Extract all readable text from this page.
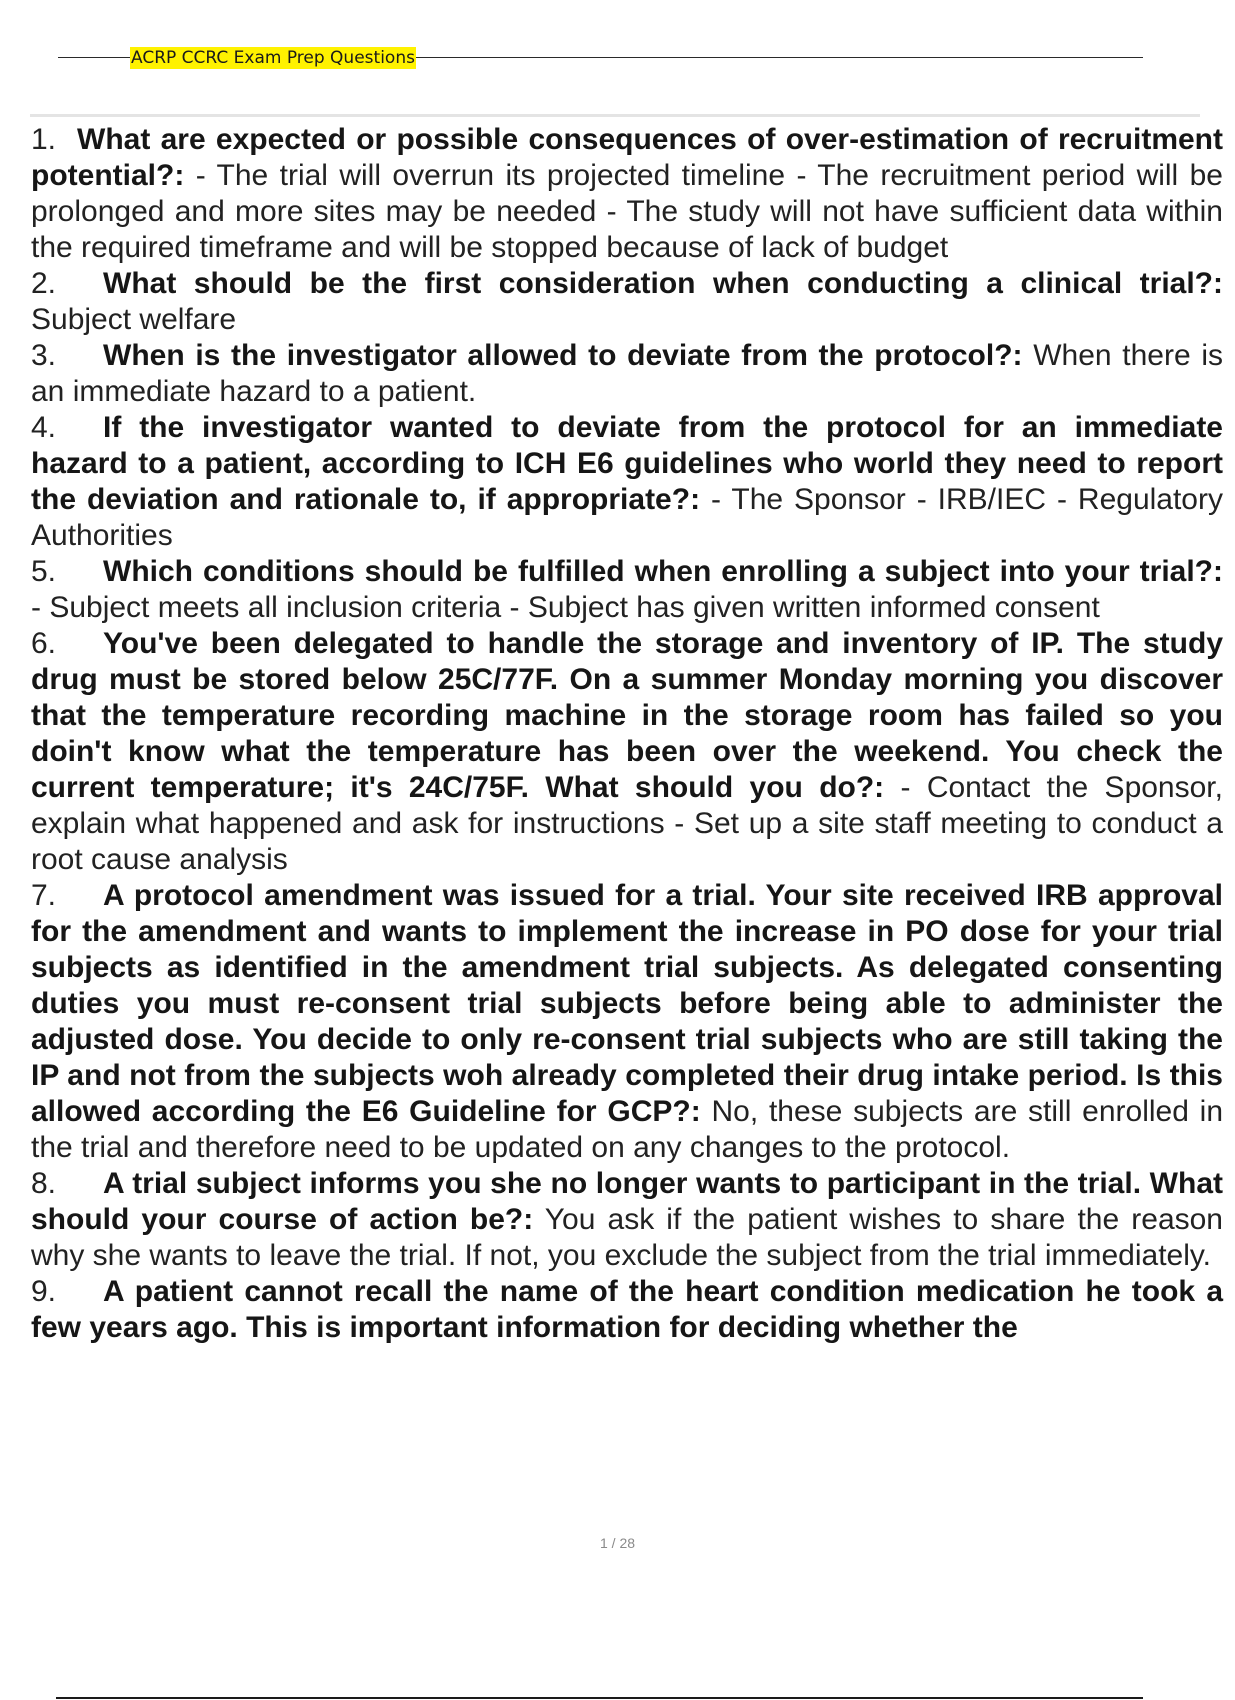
ACRP CCRC Exam Prep Questions

1. What are expected or possible consequences of over-estimation of recruitment potential?: - The trial will overrun its projected timeline - The recruitment period will be prolonged and more sites may be needed - The study will not have sufficient data within the required timeframe and will be stopped because of lack of budget

2. What should be the first consideration when conducting a clinical trial?: Subject welfare

3. When is the investigator allowed to deviate from the protocol?: When there is an immediate hazard to a patient.

4. If the investigator wanted to deviate from the protocol for an immediate hazard to a patient, according to ICH E6 guidelines who world they need to report the deviation and rationale to, if appropriate?: - The Sponsor - IRB/IEC - Regulatory Authorities

5. Which conditions should be fulfilled when enrolling a subject into your trial?: - Subject meets all inclusion criteria - Subject has given written informed consent

6. You've been delegated to handle the storage and inventory of IP. The study drug must be stored below 25C/77F. On a summer Monday morning you discover that the temperature recording machine in the storage room has failed so you doin't know what the temperature has been over the weekend. You check the current temperature; it's 24C/75F. What should you do?: - Contact the Sponsor, explain what happened and ask for instructions - Set up a site staff meeting to conduct a root cause analysis

7. A protocol amendment was issued for a trial. Your site received IRB approval for the amendment and wants to implement the increase in PO dose for your trial subjects as identified in the amendment trial subjects. As delegated consenting duties you must re-consent trial subjects before being able to administer the adjusted dose. You decide to only re-consent trial subjects who are still taking the IP and not from the subjects woh already completed their drug intake period. Is this allowed according the E6 Guideline for GCP?: No, these subjects are still enrolled in the trial and therefore need to be updated on any changes to the protocol.

8. A trial subject informs you she no longer wants to participant in the trial. What should your course of action be?: You ask if the patient wishes to share the reason why she wants to leave the trial. If not, you exclude the subject from the trial immediately.

9. A patient cannot recall the name of the heart condition medication he took a few years ago. This is important information for deciding whether the

1 / 28
